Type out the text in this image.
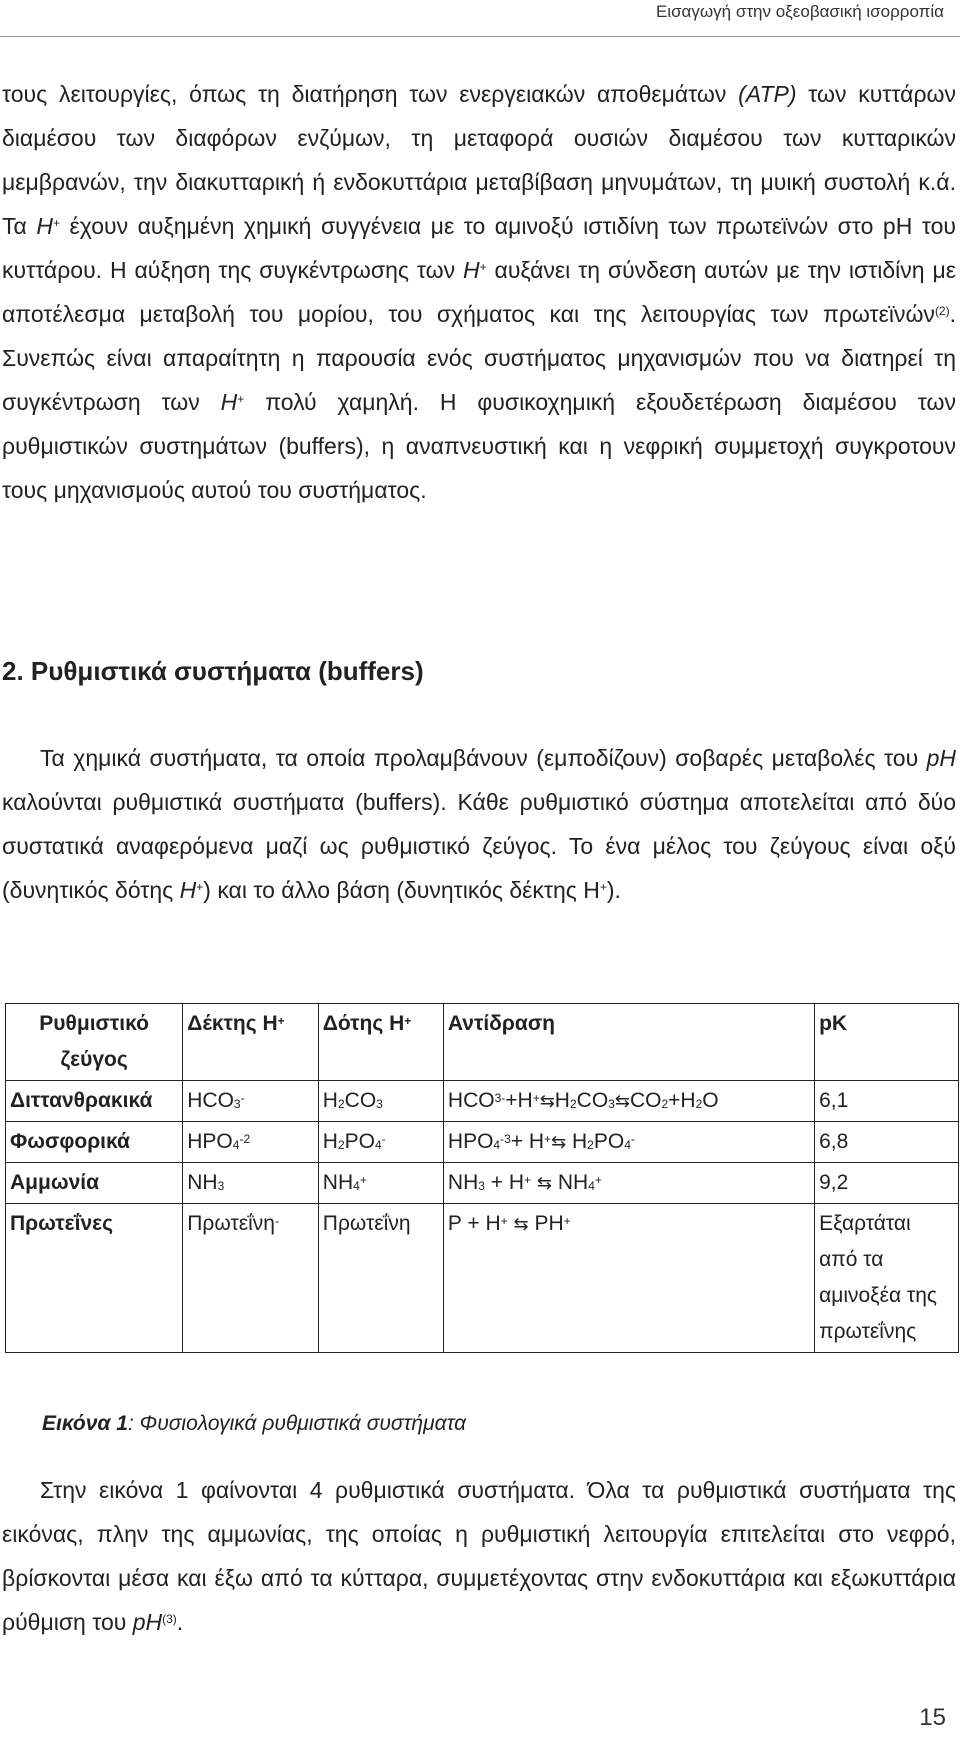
Εισαγωγή στην οξεοβασική ισορροπία

τους λειτουργίες, όπως τη διατήρηση των ενεργειακών αποθεμάτων (ATP) των κυττάρων διαμέσου των διαφόρων ενζύμων, τη μεταφορά ουσιών διαμέσου των κυτταρικών μεμβρανών, την διακυτταρική ή ενδοκυττάρια μεταβίβαση μηνυμάτων, τη μυική συστολή κ.ά. Τα H+ έχουν αυξημένη χημική συγγένεια με το αμινοξύ ιστιδίνη των πρωτεϊνών στο pH του κυττάρου. Η αύξηση της συγκέντρωσης των H+ αυξάνει τη σύνδεση αυτών με την ιστιδίνη με αποτέλεσμα μεταβολή του μορίου, του σχήματος και της λειτουργίας των πρωτεϊνών$^{(2)}$. Συνεπώς είναι απαραίτητη η παρουσία ενός συστήματος μηχανισμών που να διατηρεί τη συγκέντρωση των H+ πολύ χαμηλή. Η φυσικοχημική εξουδετέρωση διαμέσου των ρυθμιστικών συστημάτων (buffers), η αναπνευστική και η νεφρική συμμετοχή συγκροτουν τους μηχανισμούς αυτού του συστήματος.

2. Ρυθμιστικά συστήματα (buffers)

Τα χημικά συστήματα, τα οποία προλαμβάνουν (εμποδίζουν) σοβαρές μεταβολές του pH καλούνται ρυθμιστικά συστήματα (buffers). Κάθε ρυθμιστικό σύστημα αποτελείται από δύο συστατικά αναφερόμενα μαζί ως ρυθμιστικό ζεύγος. Το ένα μέλος του ζεύγους είναι οξύ (δυνητικός δότης H+) και το άλλο βάση (δυνητικός δέκτης H+).

Ρυθμιστικό ζεύγος	Δέκτης H+	Δότης H+	Αντίδραση	pK
Διττανθρακικά	$HCO_3^-$	$H_2CO_3$	$HCO^{3-}+H^+⇆H_2CO_3⇆CO_2+H_2O$	6,1
Φωσφορικά	$HPO_4^{-2}$	$H_2PO_4^-$	$HPO_4^{-3}+$ H+⇆ $H_2PO_4^-$	6,8
Αμμωνία	$NH_3$	$NH_4^+$	$NH_3 + H^+$ ⇆ $NH_4^+$	9,2
Πρωτεΐνες	Πρωτεΐνη-	Πρωτεΐνη	P + H+ ⇆ PH+	Εξαρτάται από τα αμινοξέα της πρωτεΐνης
Εικόνα 1: Φυσιολογικά ρυθμιστικά συστήματα

Στην εικόνα 1 φαίνονται 4 ρυθμιστικά συστήματα. Όλα τα ρυθμιστικά συστήματα της εικόνας, πλην της αμμωνίας, της οποίας η ρυθμιστική λειτουργία επιτελείται στο νεφρό, βρίσκονται μέσα και έξω από τα κύτταρα, συμμετέχοντας στην ενδοκυττάρια και εξωκυττάρια ρύθμιση του $pH^{(3)}$.

15
